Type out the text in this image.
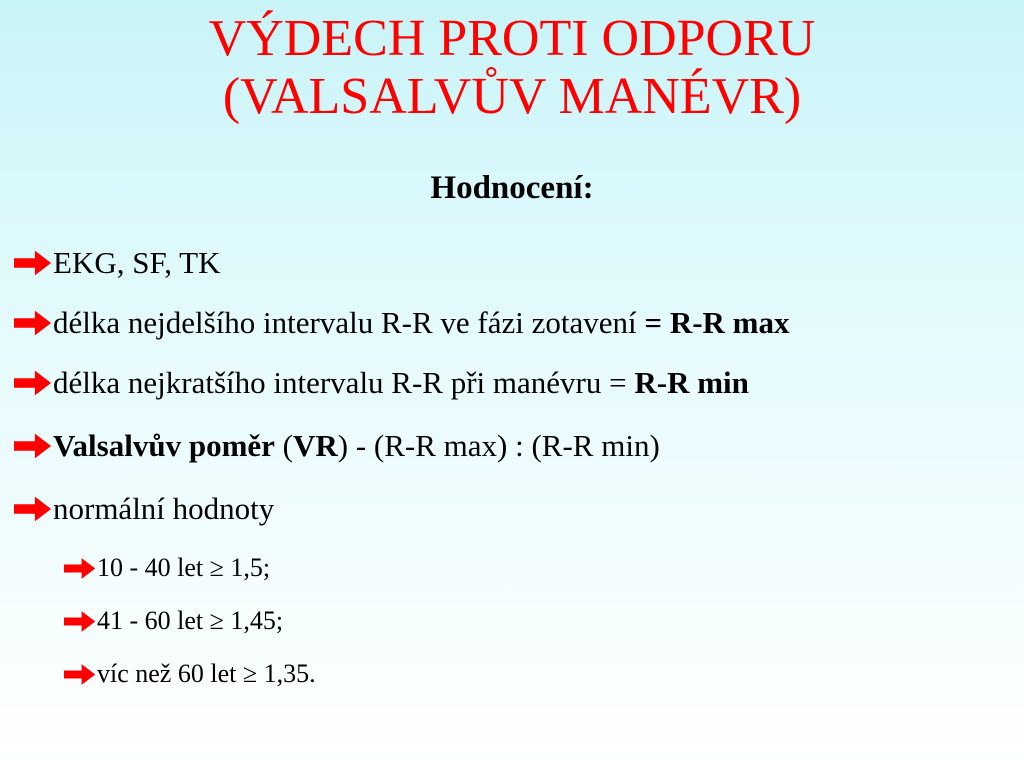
VÝDECH PROTI ODPORU
(VALSALVŮV MANÉVR)
Hodnocení:
EKG, SF, TK
délka nejdelšího intervalu R-R ve fázi zotavení = R-R max
délka nejkratšího intervalu R-R při manévru = R-R min
Valsalvův poměr ( VR ) - (R-R max) : (R-R min)
normální hodnoty
10 - 40 let ≥ 1,5;
41 - 60 let ≥ 1,45;
víc než 60 let ≥ 1,35.
